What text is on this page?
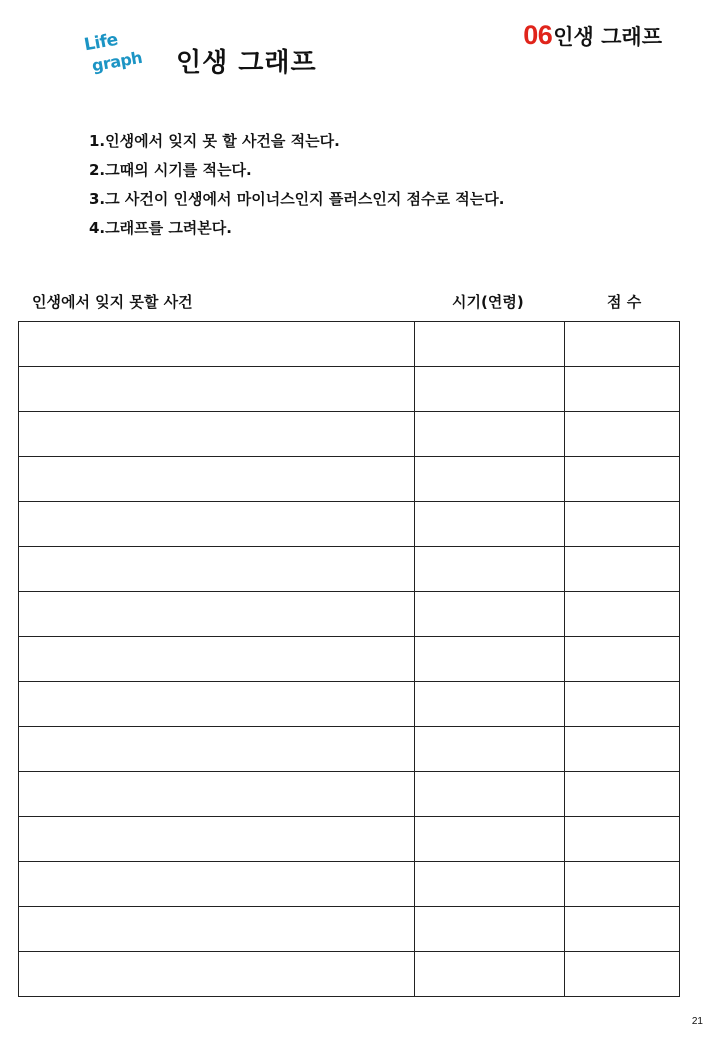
Life
graph 인생 그래프
06 인생 그래프
1.인생에서 잊지 못 할 사건을 적는다.
2.그때의 시기를 적는다.
3.그 사건이 인생에서 마이너스인지 플러스인지 점수로 적는다.
4.그래프를 그려본다.
인생에서 잊지 못할 사건	시기(연령)	점 수

21
